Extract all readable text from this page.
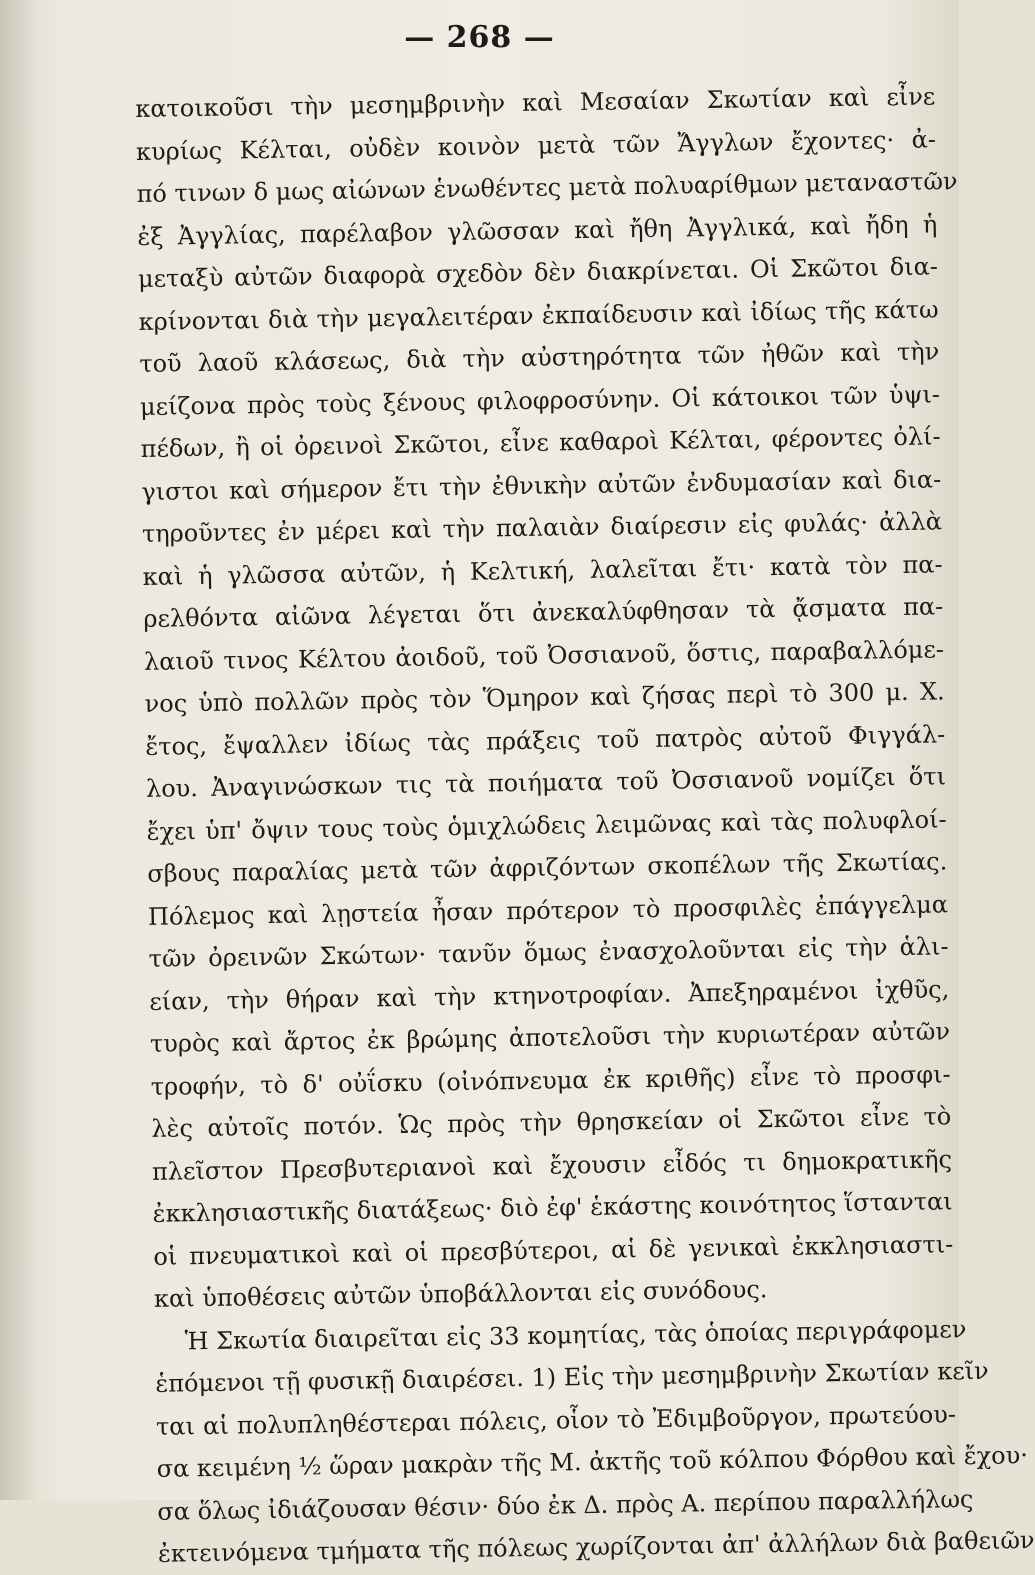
— 268 —
κατοικοῦσι τὴν μεσημβρινὴν καὶ Μεσαίαν Σκωτίαν καὶ εἶνε
κυρίως Κέλται, οὐδὲν κοινὸν μετὰ τῶν Ἄγγλων ἔχοντες· ἀ-
πό τινων δ μως αἰώνων ἑνωθέντες μετὰ πολυαρίθμων μεταναστῶν
ἐξ Ἀγγλίας, παρέλαβον γλῶσσαν καὶ ἤθη Ἀγγλικά, καὶ ἤδη ἡ
μεταξὺ αὐτῶν διαφορὰ σχεδὸν δὲν διακρίνεται. Οἱ Σκῶτοι δια-
κρίνονται διὰ τὴν μεγαλειτέραν ἐκπαίδευσιν καὶ ἰδίως τῆς κάτω
τοῦ λαοῦ κλάσεως, διὰ τὴν αὐστηρότητα τῶν ἠθῶν καὶ τὴν
μείζονα πρὸς τοὺς ξένους φιλοφροσύνην. Οἱ κάτοικοι τῶν ὑψι-
πέδων, ἢ οἱ ὀρεινοὶ Σκῶτοι, εἶνε καθαροὶ Κέλται, φέροντες ὀλί-
γιστοι καὶ σήμερον ἔτι τὴν ἐθνικὴν αὐτῶν ἐνδυμασίαν καὶ δια-
τηροῦντες ἐν μέρει καὶ τὴν παλαιὰν διαίρεσιν εἰς φυλάς· ἀλλὰ
καὶ ἡ γλῶσσα αὐτῶν, ἡ Κελτική, λαλεῖται ἔτι· κατὰ τὸν πα-
ρελθόντα αἰῶνα λέγεται ὅτι ἀνεκαλύφθησαν τὰ ᾄσματα πα-
λαιοῦ τινος Κέλτου ἀοιδοῦ, τοῦ Ὀσσιανοῦ, ὅστις, παραβαλλόμε-
νος ὑπὸ πολλῶν πρὸς τὸν Ὅμηρον καὶ ζήσας περὶ τὸ 300 μ. Χ.
ἔτος, ἔψαλλεν ἰδίως τὰς πράξεις τοῦ πατρὸς αὐτοῦ Φιγγάλ-
λου. Ἀναγινώσκων τις τὰ ποιήματα τοῦ Ὀσσιανοῦ νομίζει ὅτι
ἔχει ὑπ' ὄψιν τους τοὺς ὁμιχλώδεις λειμῶνας καὶ τὰς πολυφλοί-
σβους παραλίας μετὰ τῶν ἀφριζόντων σκοπέλων τῆς Σκωτίας.
Πόλεμος καὶ λῃστεία ἦσαν πρότερον τὸ προσφιλὲς ἐπάγγελμα
τῶν ὀρεινῶν Σκώτων· τανῦν ὅμως ἐνασχολοῦνται εἰς τὴν ἁλι-
είαν, τὴν θήραν καὶ τὴν κτηνοτροφίαν. Ἀπεξηραμένοι ἰχθῦς,
τυρὸς καὶ ἄρτος ἐκ βρώμης ἀποτελοῦσι τὴν κυριωτέραν αὐτῶν
τροφήν, τὸ δ' οὐΐσκυ (οἰνόπνευμα ἐκ κριθῆς) εἶνε τὸ προσφι-
λὲς αὐτοῖς ποτόν. Ὡς πρὸς τὴν θρησκείαν οἱ Σκῶτοι εἶνε τὸ
πλεῖστον Πρεσβυτεριανοὶ καὶ ἔχουσιν εἶδός τι δημοκρατικῆς
ἐκκλησιαστικῆς διατάξεως· διὸ ἐφ' ἑκάστης κοινότητος ἵστανται
οἱ πνευματικοὶ καὶ οἱ πρεσβύτεροι, αἱ δὲ γενικαὶ ἐκκλησιαστι-
καὶ ὑποθέσεις αὐτῶν ὑποβάλλονται εἰς συνόδους.
Ἡ Σκωτία διαιρεῖται εἰς 33 κομητίας, τὰς ὁποίας περιγράφομεν
ἑπόμενοι τῇ φυσικῇ διαιρέσει. 1) Εἰς τὴν μεσημβρινὴν Σκωτίαν κεῖν
ται αἱ πολυπληθέστεραι πόλεις, οἷον τὸ Ἐδιμβοῦργον, πρωτεύου-
σα κειμένη ½ ὥραν μακρὰν τῆς Μ. ἀκτῆς τοῦ κόλπου Φόρθου καὶ ἔχου·
σα ὅλως ἰδιάζουσαν θέσιν· δύο ἐκ Δ. πρὸς Α. περίπου παραλλήλως
ἐκτεινόμενα τμήματα τῆς πόλεως χωρίζονται ἀπ' ἀλλήλων διὰ βαθειῶν
